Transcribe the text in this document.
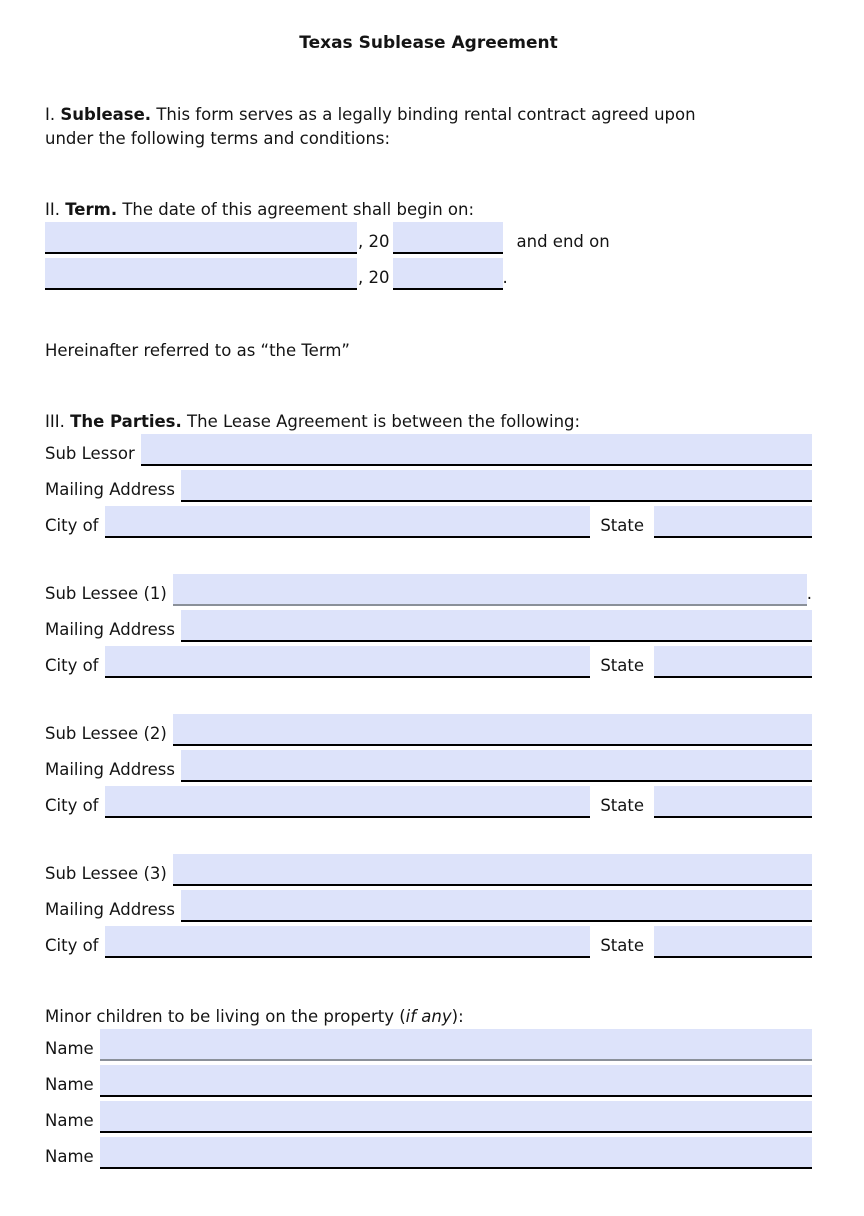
Texas Sublease Agreement

I. Sublease. This form serves as a legally binding rental contract agreed upon
under the following terms and conditions:

II. Term. The date of this agreement shall begin on:

, 20	and end on
, 20	.

Hereinafter referred to as “the Term”

III. The Parties. The Lease Agreement is between the following:

Sub Lessor
Mailing Address
City of	State
Sub Lessee (1)	.
Mailing Address
City of	State
Sub Lessee (2)
Mailing Address
City of	State
Sub Lessee (3)
Mailing Address
City of	State

Minor children to be living on the property (if any):

Name
Name
Name
Name
